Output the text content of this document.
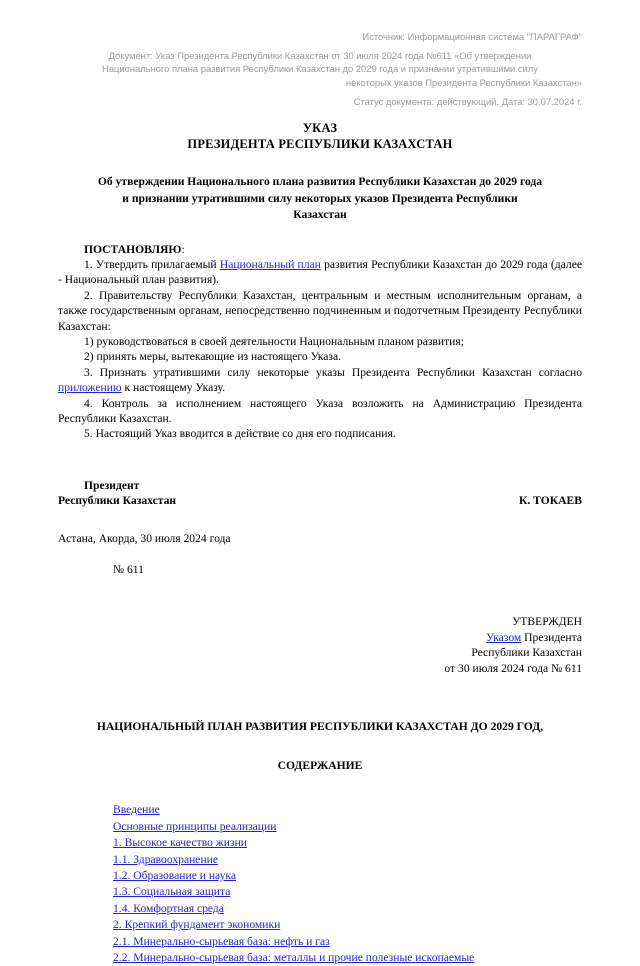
Источник: Информационная система "ПАРАГРАФ"
Документ: Указ Президента Республики Казахстан от 30 июля 2024 года №611 «Об утверждении
Национального плана развития Республики Казахстан до 2029 года и признании утратившими силу
некоторых указов Президента Республики Казахстан»
Статус документа: действующий. Дата: 30.07.2024 г.
УКАЗ
ПРЕЗИДЕНТА РЕСПУБЛИКИ КАЗАХСТАН
Об утверждении Национального плана развития Республики Казахстан до 2029 года
и признании утратившими силу некоторых указов Президента Республики
Казахстан

ПОСТАНОВЛЯЮ:

1. Утвердить прилагаемый Национальный план развития Республики Казахстан до 2029 года (далее - Национальный план развития).

2. Правительству Республики Казахстан, центральным и местным исполнительным органам, а также государственным органам, непосредственно подчиненным и подотчетным Президенту Республики Казахстан:

1) руководствоваться в своей деятельности Национальным планом развития;

2) принять меры, вытекающие из настоящего Указа.

3. Признать утратившими силу некоторые указы Президента Республики Казахстан согласно приложению к настоящему Указу.

4. Контроль за исполнением настоящего Указа возложить на Администрацию Президента Республики Казахстан.

5. Настоящий Указ вводится в действие со дня его подписания.

Президент
Республики Казахстан	К. ТОКАЕВ
Астана, Акорда, 30 июля 2024 года
№ 611
УТВЕРЖДЕН
Указом Президента
Республики Казахстан
от 30 июля 2024 года № 611
НАЦИОНАЛЬНЫЙ ПЛАН РАЗВИТИЯ РЕСПУБЛИКИ КАЗАХСТАН ДО 2029 ГОД,
СОДЕРЖАНИЕ
Введение
Основные принципы реализации
1. Высокое качество жизни
1.1. Здравоохранение
1.2. Образование и наука
1.3. Социальная защита
1.4. Комфортная среда
2. Крепкий фундамент экономики
2.1. Минерально-сырьевая база: нефть и газ
2.2. Минерально-сырьевая база: металлы и прочие полезные ископаемые
